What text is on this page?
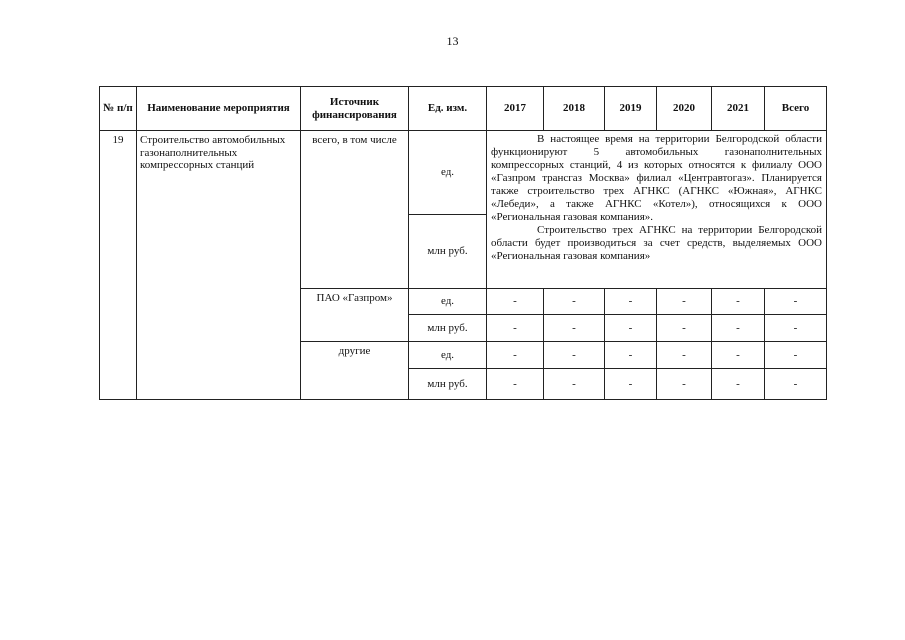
13
№ п/п	Наименование мероприятия	Источник финансирования	Ед. изм.	2017	2018	2019	2020	2021	Всего
19	Строительство автомобильных газонаполнительных компрессорных станций	всего, в том числе	ед.	В настоящее время на территории Белгородской области функционируют 5 автомобильных газонаполнительных компрессорных станций, 4 из которых относятся к филиалу ООО «Газпром трансгаз Москва» филиал «Центравтогаз». Планируется также строительство трех АГНКС (АГНКС «Южная», АГНКС «Лебеди», а также АГНКС «Котел»), относящихся к ООО «Региональная газовая компания».

Строительство трех АГНКС на территории Белгородской области будет производиться за счет средств, выделяемых ООО «Региональная газовая компания»					

			млн руб.						
		ПАО «Газпром»	ед.	-	-	-	-	-	-
			млн руб.	-	-	-	-	-	-
		другие	ед.	-	-	-	-	-	-
			млн руб.	-	-	-	-	-	-
